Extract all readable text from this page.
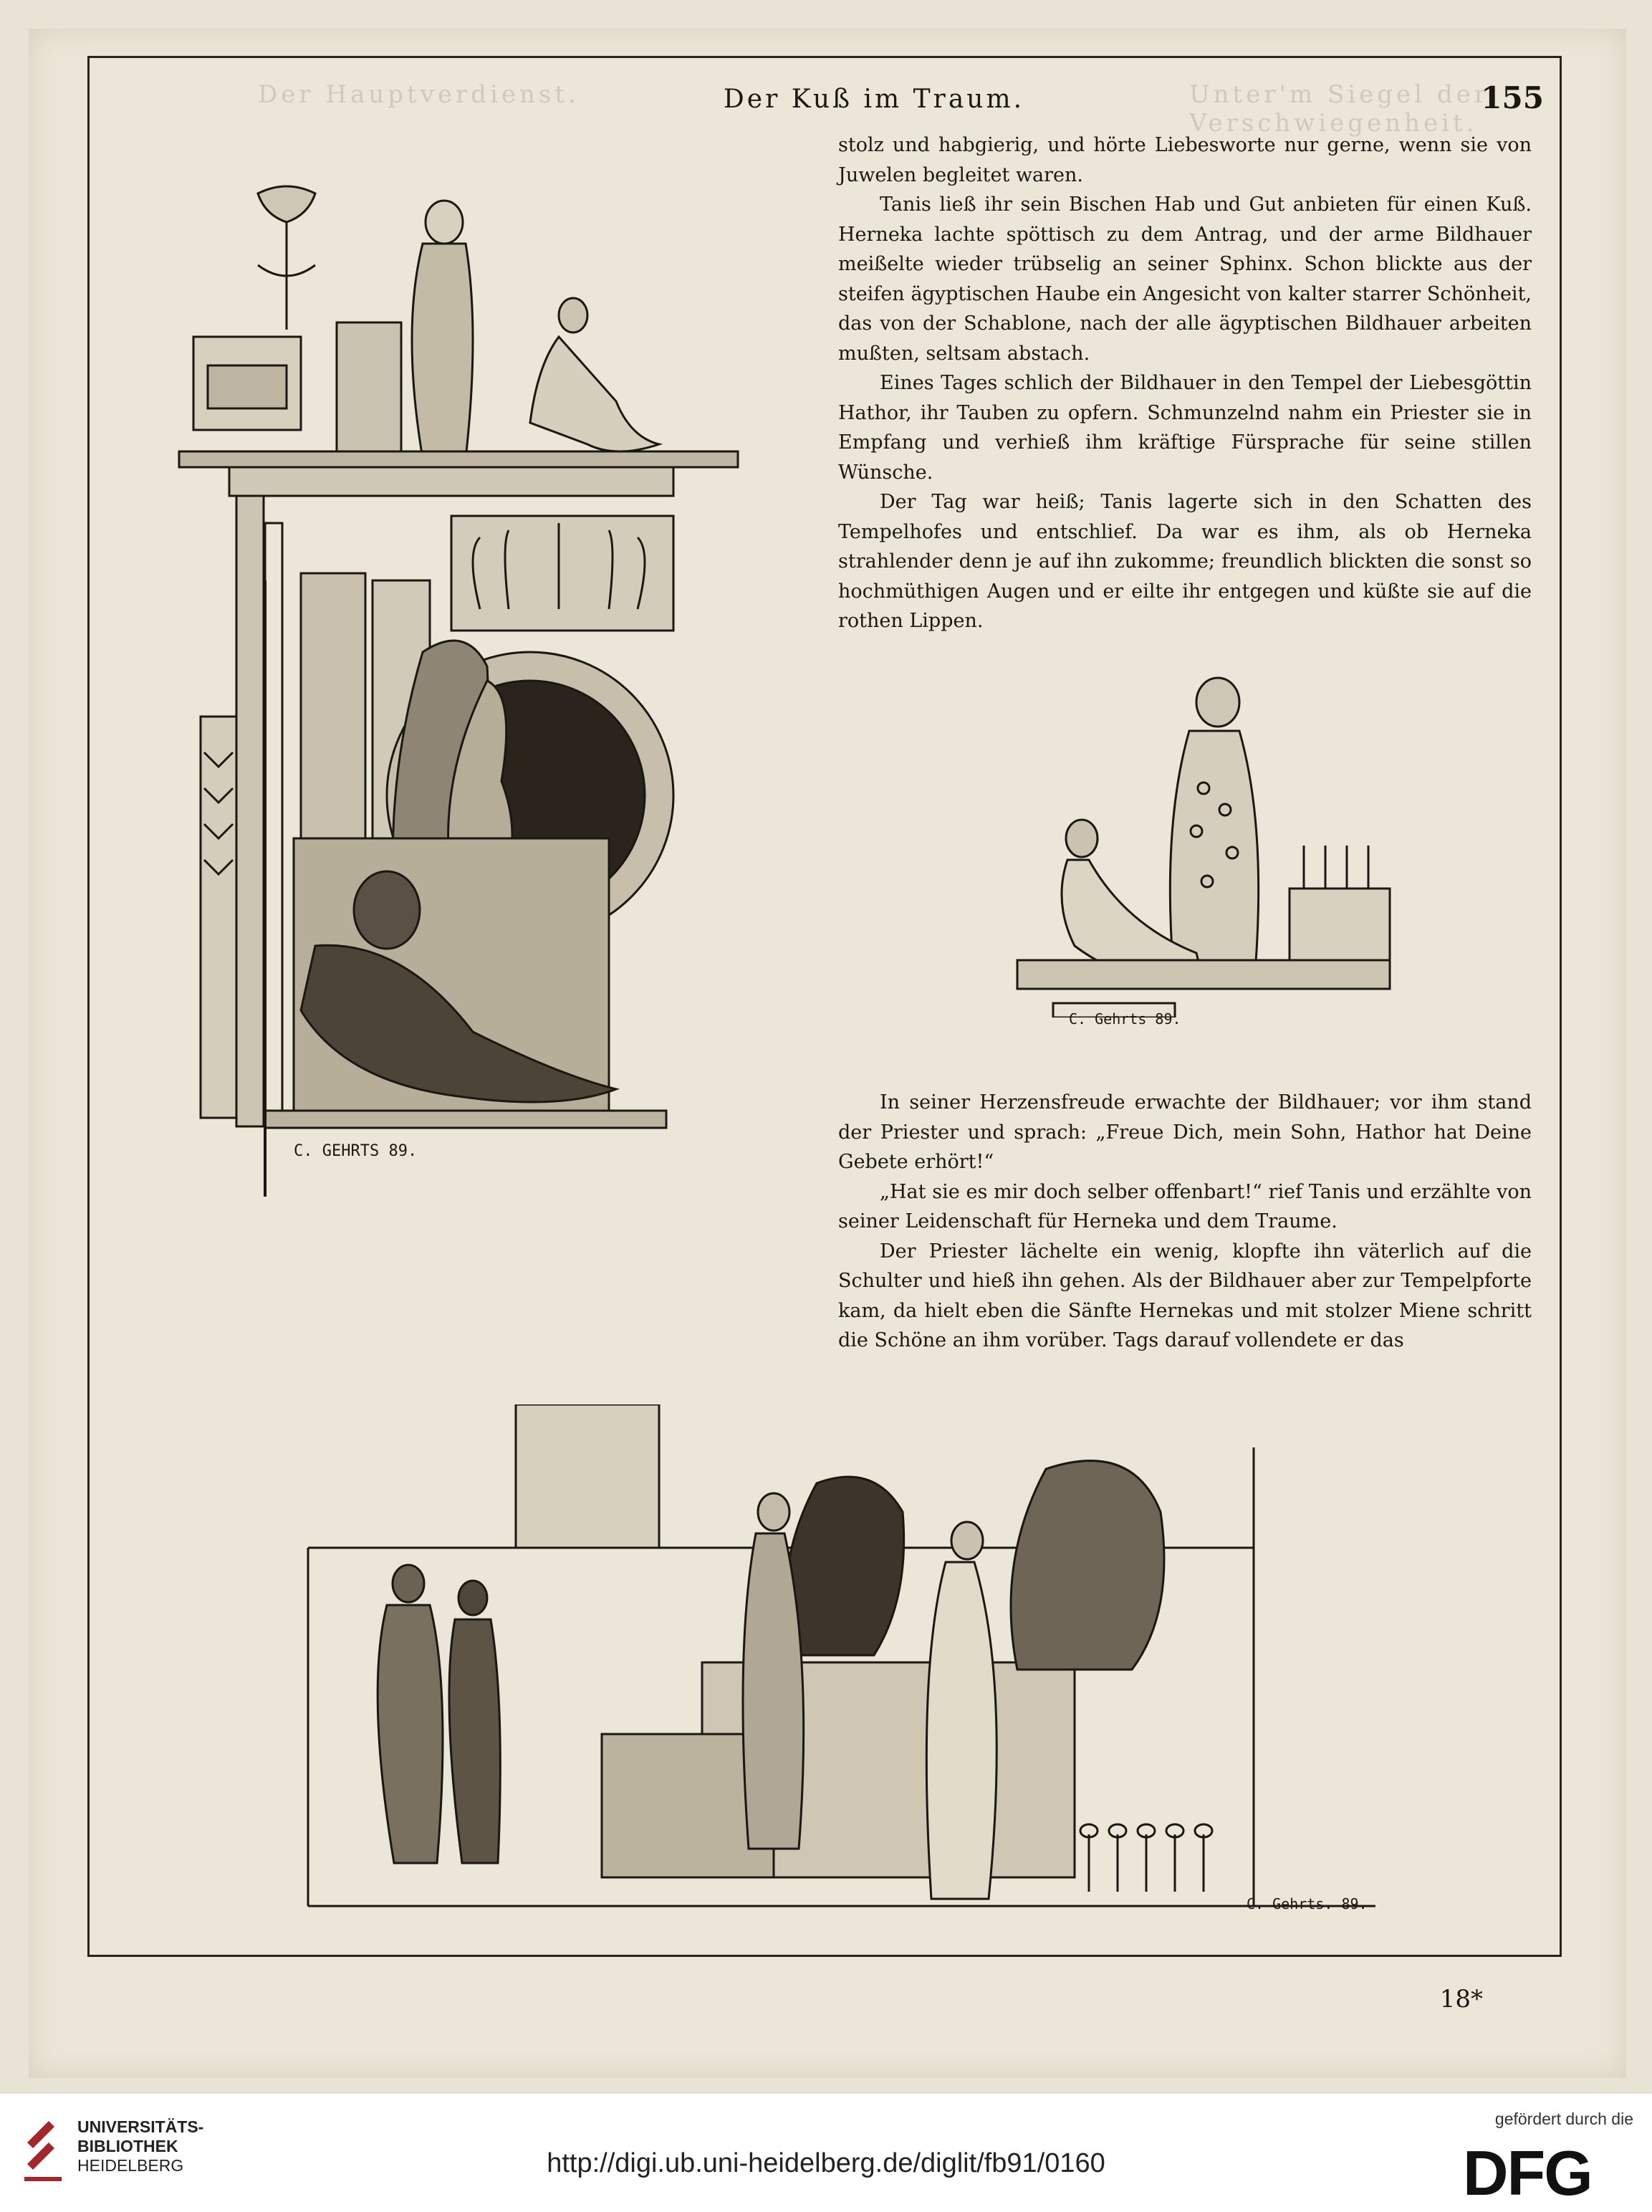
Der Hauptverdienst.	Unter'm Siegel der Verschwiegenheit.
Der Kuß im Traum.	155
C. GEHRTS 89.
C. Gehrts 89.

stolz und habgierig, und hörte Liebesworte nur gerne, wenn sie von Juwelen begleitet waren.

Tanis ließ ihr sein Bischen Hab und Gut anbieten für einen Kuß. Herneka lachte spöttisch zu dem Antrag, und der arme Bildhauer meißelte wieder trübselig an seiner Sphinx. Schon blickte aus der steifen ägyptischen Haube ein Angesicht von kalter starrer Schönheit, das von der Schablone, nach der alle ägyptischen Bildhauer arbeiten mußten, seltsam abstach.

Eines Tages schlich der Bildhauer in den Tempel der Liebesgöttin Hathor, ihr Tauben zu opfern. Schmunzelnd nahm ein Priester sie in Empfang und verhieß ihm kräftige Fürsprache für seine stillen Wünsche.

Der Tag war heiß; Tanis lagerte sich in den Schatten des Tempelhofes und entschlief. Da war es ihm, als ob Herneka strahlender denn je auf ihn zukomme; freundlich blickten die sonst so hochmüthigen Augen und er eilte ihr entgegen und küßte sie auf die rothen Lippen.

In seiner Herzensfreude erwachte der Bildhauer; vor ihm stand der Priester und sprach: „Freue Dich, mein Sohn, Hathor hat Deine Gebete erhört!“

„Hat sie es mir doch selber offenbart!“ rief Tanis und erzählte von seiner Leidenschaft für Herneka und dem Traume.

Der Priester lächelte ein wenig, klopfte ihn väterlich auf die Schulter und hieß ihn gehen. Als der Bildhauer aber zur Tempelpforte kam, da hielt eben die Sänfte Hernekas und mit stolzer Miene schritt die Schöne an ihm vorüber. Tags darauf vollendete er das

C. Gehrts. 89.
18*
UNIVERSITÄTS-
BIBLIOTHEK
HEIDELBERG	http://digi.ub.uni-heidelberg.de/diglit/fb91/0160
gefördert durch die
DFG
